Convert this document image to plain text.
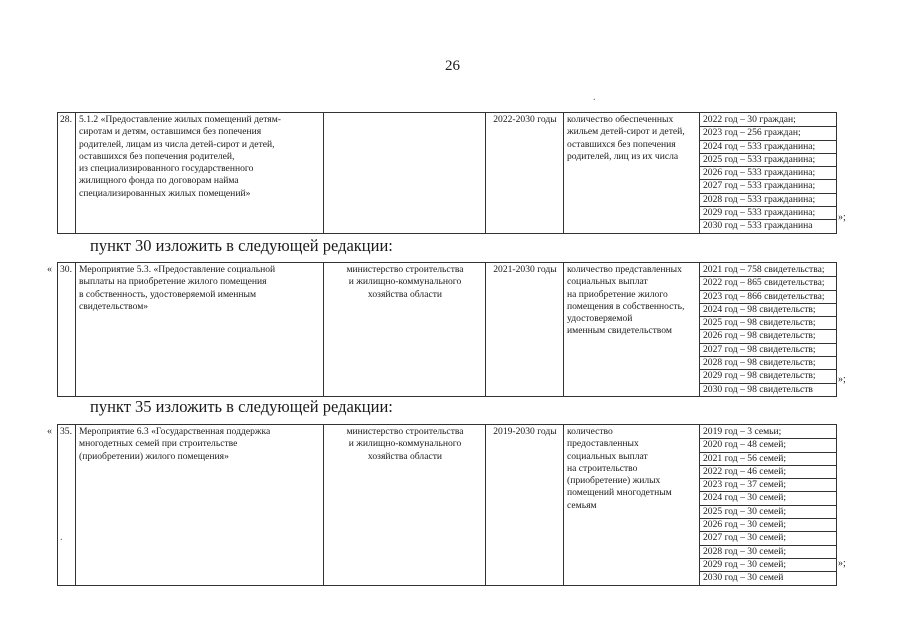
26
.
.
»;
28.	5.1.2 «Предоставление жилых помещений детям-
сиротам и детям, оставшимся без попечения
родителей, лицам из числа детей-сирот и детей,
оставшихся без попечения родителей,
из специализированного государственного
жилищного фонда по договорам найма
специализированных жилых помещений»
		2022-2030 годы	количество обеспеченных
жильем детей-сирот и детей,
оставшихся без попечения
родителей, лиц из их числа

2022 год – 30 граждан;
2023 год – 256 граждан;
2024 год – 533 гражданина;
2025 год – 533 гражданина;
2026 год – 533 гражданина;
2027 год – 533 гражданина;
2028 год – 533 гражданина;
2029 год – 533 гражданина;
2030 год – 533 гражданина
пункт 30 изложить в следующей редакции:
«
»;
30.	Мероприятие 5.3. «Предоставление социальной
выплаты на приобретение жилого помещения
в собственность, удостоверяемой именным
свидетельством»

министерство строительства
и жилищно-коммунального
хозяйства области
	2021-2030 годы	количество представленных
социальных выплат
на приобретение жилого
помещения в собственность,
удостоверяемой
именным свидетельством

2021 год – 758 свидетельства;
2022 год – 865 свидетельства;
2023 год – 866 свидетельства;
2024 год – 98 свидетельств;
2025 год – 98 свидетельств;
2026 год – 98 свидетельств;
2027 год – 98 свидетельств;
2028 год – 98 свидетельств;
2029 год – 98 свидетельств;
2030 год – 98 свидетельств
пункт 35 изложить в следующей редакции:
«
»;
35.	Мероприятие 6.3 «Государственная поддержка
многодетных семей при строительстве
(приобретении) жилого помещения»

министерство строительства
и жилищно-коммунального
хозяйства области
	2019-2030 годы	количество
предоставленных
социальных выплат
на строительство
(приобретение) жилых
помещений многодетным
семьям

2019 год – 3 семьи;
2020 год – 48 семей;
2021 год – 56 семей;
2022 год – 46 семей;
2023 год – 37 семей;
2024 год – 30 семей;
2025 год – 30 семей;
2026 год – 30 семей;
2027 год – 30 семей;
2028 год – 30 семей;
2029 год – 30 семей;
2030 год – 30 семей
